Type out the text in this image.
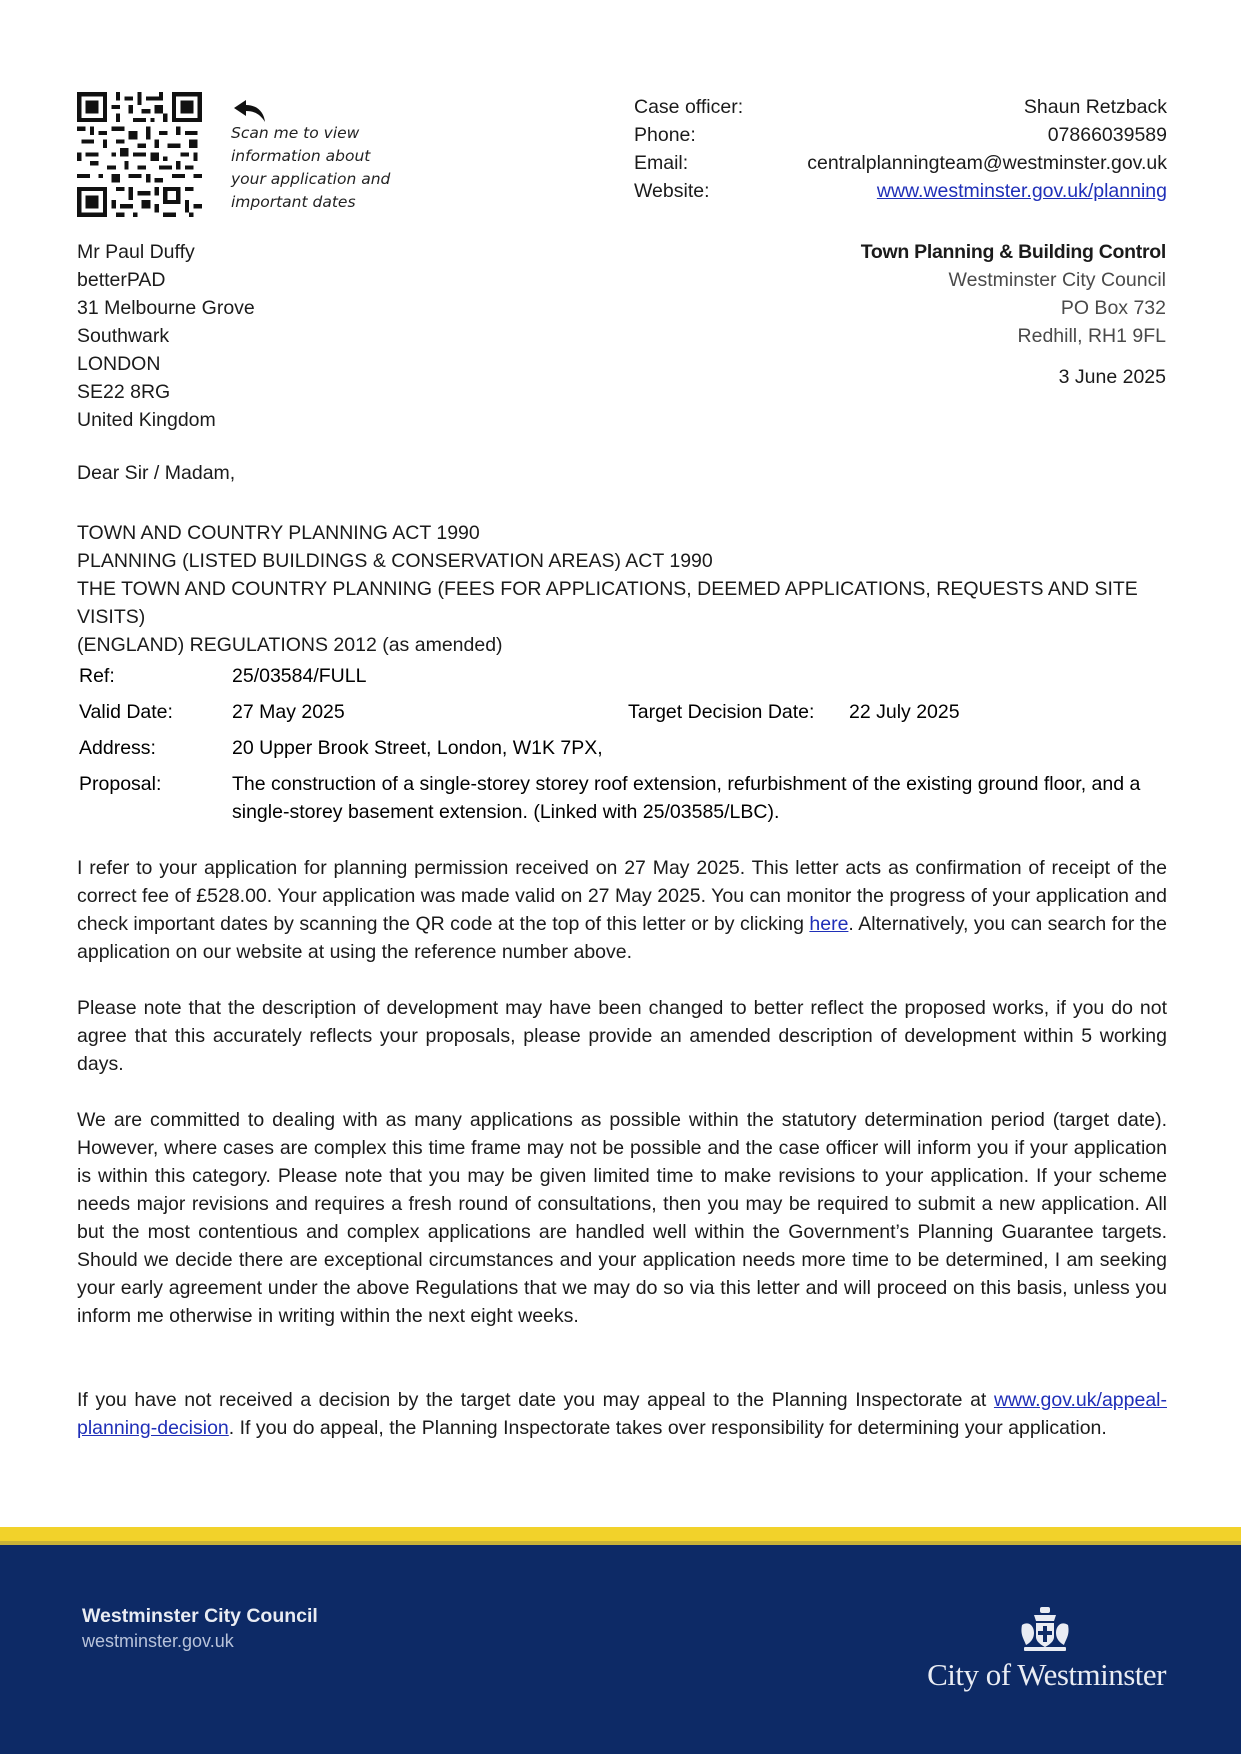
Scan me to view
information about
your application and
important dates
Case officer:	Shaun Retzback
Phone:	07866039589
Email:	centralplanningteam@westminster.gov.uk
Website:	www.westminster.gov.uk/planning
Mr Paul Duffy
betterPAD
31 Melbourne Grove
Southwark
LONDON
SE22 8RG
United Kingdom
Town Planning & Building Control
Westminster City Council
PO Box 732
Redhill, RH1 9FL
3 June 2025
Dear Sir / Madam,
TOWN AND COUNTRY PLANNING ACT 1990
PLANNING (LISTED BUILDINGS & CONSERVATION AREAS) ACT 1990
THE TOWN AND COUNTRY PLANNING (FEES FOR APPLICATIONS, DEEMED APPLICATIONS, REQUESTS AND SITE VISITS)
(ENGLAND) REGULATIONS 2012 (as amended)
Ref:	25/03584/FULL
Valid Date:	27 May 2025	Target Decision Date: 22 July 2025
Address:	20 Upper Brook Street, London, W1K 7PX,
Proposal:	The construction of a single-storey storey roof extension, refurbishment of the existing ground floor, and a single-storey basement extension. (Linked with 25/03585/LBC).
I refer to your application for planning permission received on 27 May 2025. This letter acts as confirmation of receipt of the correct fee of £528.00. Your application was made valid on 27 May 2025. You can monitor the progress of your application and check important dates by scanning the QR code at the top of this letter or by clicking here. Alternatively, you can search for the application on our website at using the reference number above.
Please note that the description of development may have been changed to better reflect the proposed works, if you do not agree that this accurately reflects your proposals, please provide an amended description of development within 5 working days.
We are committed to dealing with as many applications as possible within the statutory determination period (target date). However, where cases are complex this time frame may not be possible and the case officer will inform you if your application is within this category. Please note that you may be given limited time to make revisions to your application. If your scheme needs major revisions and requires a fresh round of consultations, then you may be required to submit a new application. All but the most contentious and complex applications are handled well within the Government’s Planning Guarantee targets. Should we decide there are exceptional circumstances and your application needs more time to be determined, I am seeking your early agreement under the above Regulations that we may do so via this letter and will proceed on this basis, unless you inform me otherwise in writing within the next eight weeks.
If you have not received a decision by the target date you may appeal to the Planning Inspectorate at www.gov.uk/appeal-planning-decision. If you do appeal, the Planning Inspectorate takes over responsibility for determining your application.
Westminster City Council
westminster.gov.uk
City of Westminster
